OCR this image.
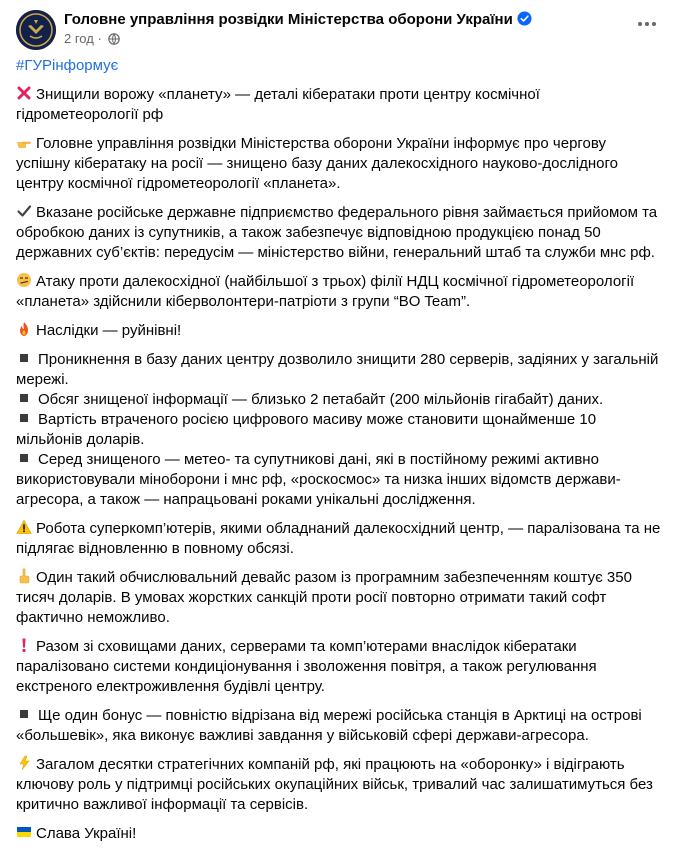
Головне управління розвідки Міністерства оборони України
2 год ·
#ГУРінформує
Знищили ворожу «планету» — деталі кібератаки проти центру космічної гідрометеорології рф
Головне управління розвідки Міністерства оборони України інформує про чергову успішну кібератаку на росії — знищено базу даних далекосхідного науково-дослідного центру космічної гідрометеорології «планета».
Вказане російське державне підприємство федерального рівня займається прийомом та обробкою даних із супутників, а також забезпечує відповідною продукцією понад 50 державних суб’єктів: передусім — міністерство війни, генеральний штаб та служби мнс рф.
Атаку проти далекосхідної (найбільшої з трьох) філії НДЦ космічної гідрометеорології «планета» здійснили кіберволонтери-патріоти з групи “BO Team”.
Наслідки — руйнівні!
Проникнення в базу даних центру дозволило знищити 280 серверів, задіяних у загальній мережі.
Обсяг знищеної інформації — близько 2 петабайт (200 мільйонів гігабайт) даних.
Вартість втраченого росією цифрового масиву може становити щонайменше 10 мільйонів доларів.
Серед знищеного — метео- та супутникові дані, які в постійному режимі активно використовували міноборони і мнс рф, «роскосмос» та низка інших відомств держави-агресора, а також — напрацьовані роками унікальні дослідження.
Робота суперкомп’ютерів, якими обладнаний далекосхідний центр, — паралізована та не підлягає відновленню в повному обсязі.
Один такий обчислювальний девайс разом із програмним забезпеченням коштує 350 тисяч доларів. В умовах жорстких санкцій проти росії повторно отримати такий софт фактично неможливо.
Разом зі сховищами даних, серверами та комп’ютерами внаслідок кібератаки паралізовано системи кондиціонування і зволоження повітря, а також регулювання екстреного електроживлення будівлі центру.
Ще один бонус — повністю відрізана від мережі російська станція в Арктиці на острові «большевік», яка виконує важливі завдання у військовій сфері держави-агресора.
Загалом десятки стратегічних компаній рф, які працюють на «оборонку» і відіграють ключову роль у підтримці російських окупаційних військ, тривалий час залишатимуться без критично важливої інформації та сервісів.
Слава Україні!
